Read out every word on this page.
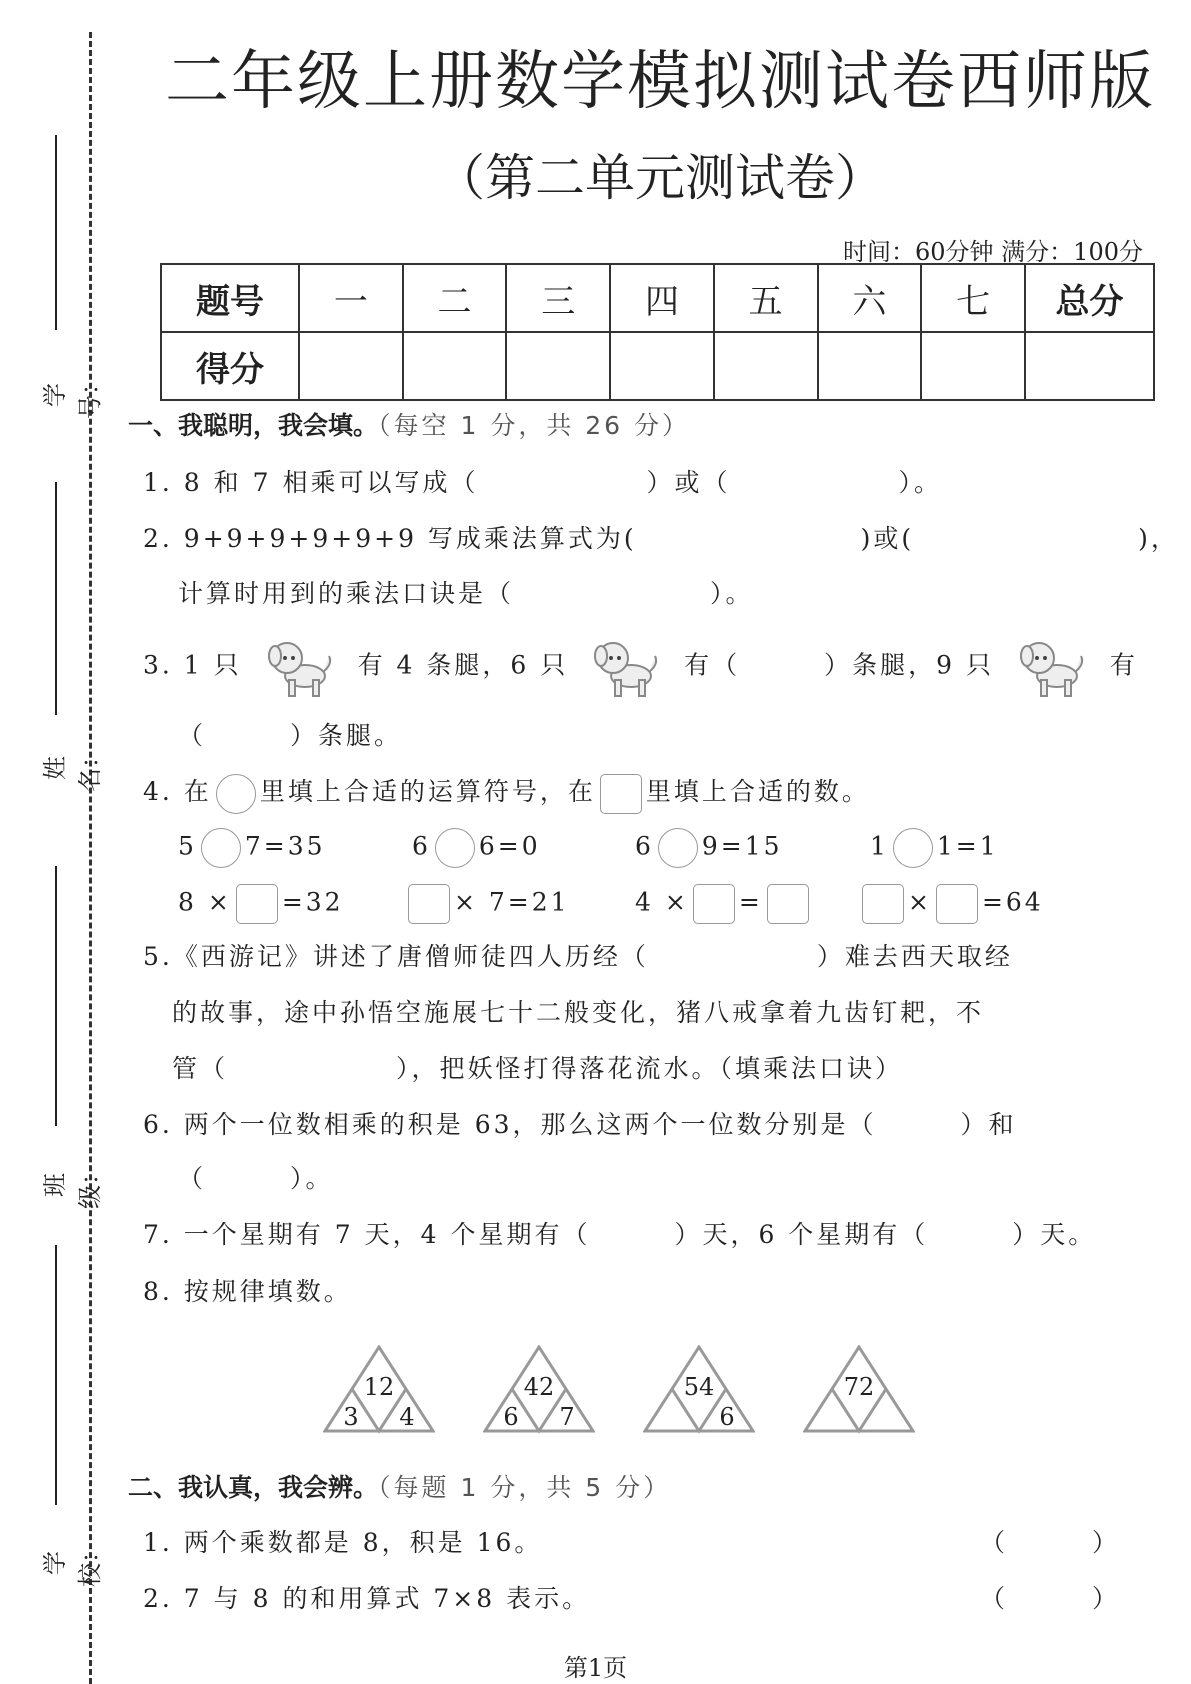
学号：
姓名：
班级：
学校：
二年级上册数学模拟测试卷西师版
（第二单元测试卷）
时间：60分钟 满分：100分
题号	一	二	三	四	五	六	七	总分
得分								
一、我聪明，我会填。（每空 1 分，共 26 分）
1. 8 和 7 相乘可以写成（　　　　　　）或（　　　　　　）。
2. 9+9+9+9+9+9 写成乘法算式为(　　　　　　　　)或(　　　　　　　　)，
计算时用到的乘法口诀是（　　　　　　　）。
3. 1 只	有 4 条腿，6 只	有（　　　）条腿，9 只	有
（　　　）条腿。
4. 在 里填上合适的运算符号，在 里填上合适的数。
5 7=35	6 6=0	6 9=15	1 1=1
8 × =32	× 7=21	4 × =	× =64
5.《西游记》讲述了唐僧师徒四人历经（　　　　　　）难去西天取经
的故事，途中孙悟空施展七十二般变化，猪八戒拿着九齿钉耙，不
管（　　　　　　），把妖怪打得落花流水。（填乘法口诀）
6. 两个一位数相乘的积是 63，那么这两个一位数分别是（　　　）和
（　　　）。
7. 一个星期有 7 天，4 个星期有（　　　）天，6 个星期有（　　　）天。
8. 按规律填数。
12
3 4
42
6 7
54
6
72
二、我认真，我会辨。（每题 1 分，共 5 分）
1. 两个乘数都是 8，积是 16。	（　　　）
2. 7 与 8 的和用算式 7×8 表示。	（　　　）
第1页
